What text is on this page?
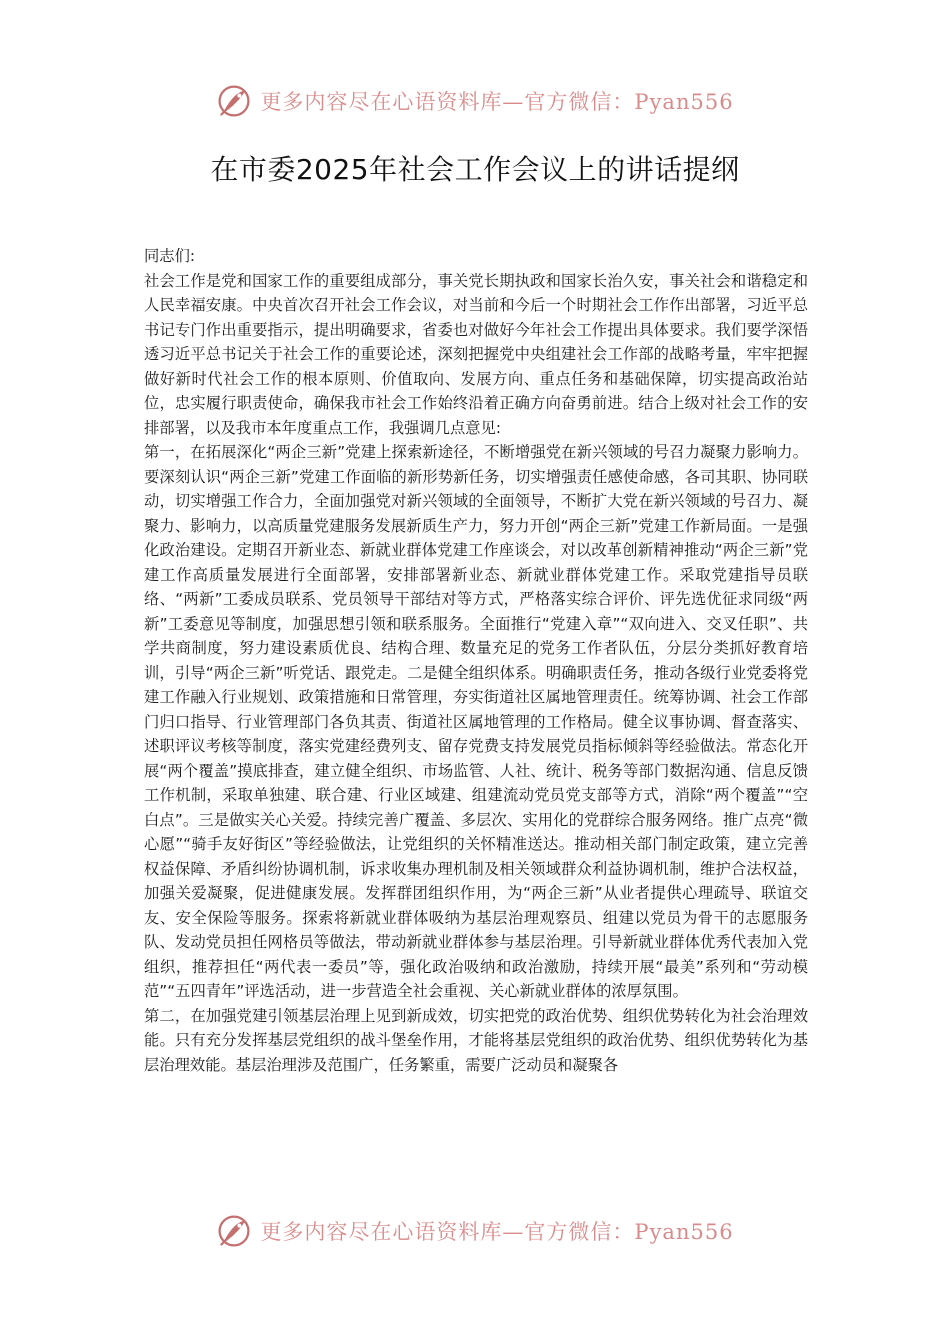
更多内容尽在心语资料库—官方微信：Pyan556
在市委2025年社会工作会议上的讲话提纲

同志们:

社会工作是党和国家工作的重要组成部分，事关党长期执政和国家长治久安，事关社会和谐稳定和人民幸福安康。中央首次召开社会工作会议，对当前和今后一个时期社会工作作出部署，习近平总书记专门作出重要指示，提出明确要求，省委也对做好今年社会工作提出具体要求。我们要学深悟透习近平总书记关于社会工作的重要论述，深刻把握党中央组建社会工作部的战略考量，牢牢把握做好新时代社会工作的根本原则、价值取向、发展方向、重点任务和基础保障，切实提高政治站位，忠实履行职责使命，确保我市社会工作始终沿着正确方向奋勇前进。结合上级对社会工作的安排部署，以及我市本年度重点工作，我强调几点意见:

第一，在拓展深化“两企三新”党建上探索新途径，不断增强党在新兴领域的号召力凝聚力影响力。要深刻认识“两企三新”党建工作面临的新形势新任务，切实增强责任感使命感，各司其职、协同联动，切实增强工作合力，全面加强党对新兴领域的全面领导，不断扩大党在新兴领域的号召力、凝聚力、影响力，以高质量党建服务发展新质生产力，努力开创“两企三新”党建工作新局面。一是强化政治建设。定期召开新业态、新就业群体党建工作座谈会，对以改革创新精神推动“两企三新”党建工作高质量发展进行全面部署，安排部署新业态、新就业群体党建工作。采取党建指导员联络、“两新”工委成员联系、党员领导干部结对等方式，严格落实综合评价、评先选优征求同级“两新”工委意见等制度，加强思想引领和联系服务。全面推行“党建入章”“双向进入、交叉任职”、共学共商制度，努力建设素质优良、结构合理、数量充足的党务工作者队伍，分层分类抓好教育培训，引导“两企三新”听党话、跟党走。二是健全组织体系。明确职责任务，推动各级行业党委将党建工作融入行业规划、政策措施和日常管理，夯实街道社区属地管理责任。统筹协调、社会工作部门归口指导、行业管理部门各负其责、街道社区属地管理的工作格局。健全议事协调、督查落实、述职评议考核等制度，落实党建经费列支、留存党费支持发展党员指标倾斜等经验做法。常态化开展“两个覆盖”摸底排查，建立健全组织、市场监管、人社、统计、税务等部门数据沟通、信息反馈工作机制，采取单独建、联合建、行业区域建、组建流动党员党支部等方式，消除“两个覆盖”“空白点”。三是做实关心关爱。持续完善广覆盖、多层次、实用化的党群综合服务网络。推广点亮“微心愿”“骑手友好街区”等经验做法，让党组织的关怀精准送达。推动相关部门制定政策，建立完善权益保障、矛盾纠纷协调机制，诉求收集办理机制及相关领域群众利益协调机制，维护合法权益，加强关爱凝聚，促进健康发展。发挥群团组织作用，为“两企三新”从业者提供心理疏导、联谊交友、安全保险等服务。探索将新就业群体吸纳为基层治理观察员、组建以党员为骨干的志愿服务队、发动党员担任网格员等做法，带动新就业群体参与基层治理。引导新就业群体优秀代表加入党组织，推荐担任“两代表一委员”等，强化政治吸纳和政治激励，持续开展“最美”系列和“劳动模范”“五四青年”评选活动，进一步营造全社会重视、关心新就业群体的浓厚氛围。

第二，在加强党建引领基层治理上见到新成效，切实把党的政治优势、组织优势转化为社会治理效能。只有充分发挥基层党组织的战斗堡垒作用，才能将基层党组织的政治优势、组织优势转化为基层治理效能。基层治理涉及范围广，任务繁重，需要广泛动员和凝聚各

更多内容尽在心语资料库—官方微信：Pyan556
